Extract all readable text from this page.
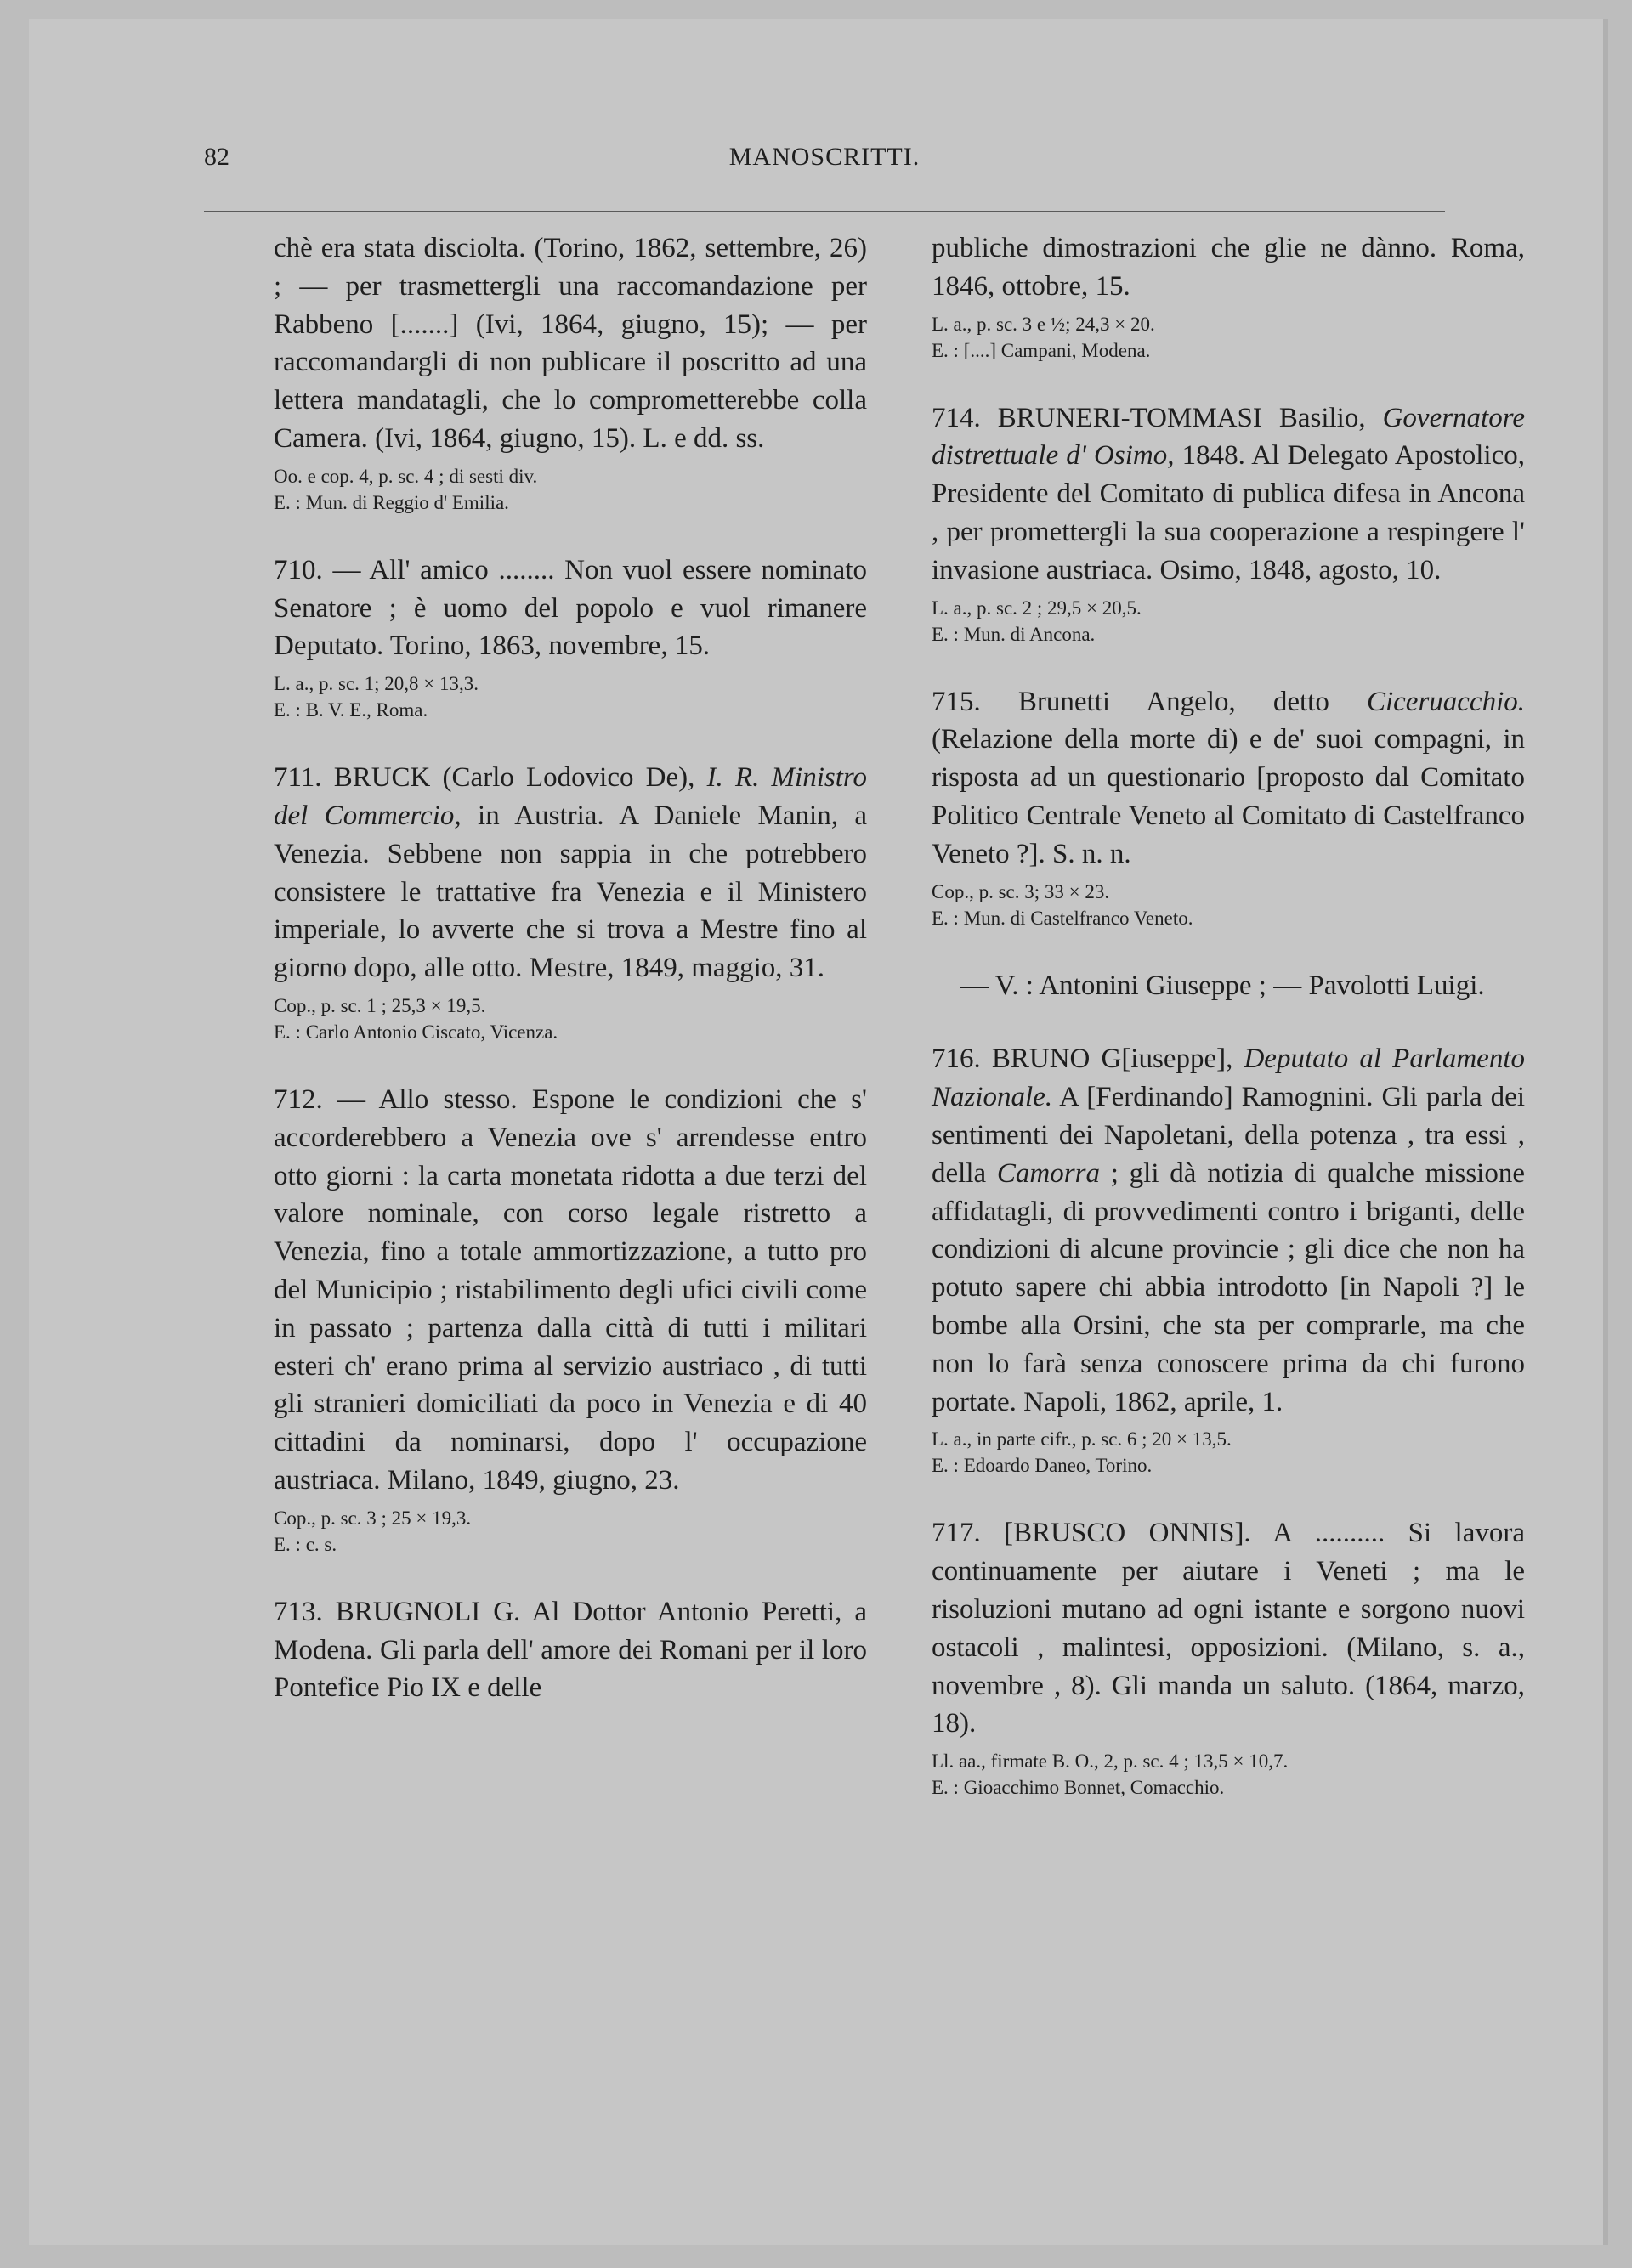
82	MANOSCRITTI.

chè era stata disciolta. (Torino, 1862, settembre, 26) ; — per trasmettergli una raccomandazione per Rabbeno [.......] (Ivi, 1864, giugno, 15); — per raccomandargli di non publicare il poscritto ad una lettera mandatagli, che lo comprometterebbe colla Camera. (Ivi, 1864, giugno, 15). L. e dd. ss.

Oo. e cop. 4, p. sc. 4 ; di sesti div.
E. : Mun. di Reggio d' Emilia.

710. — All' amico ........ Non vuol essere nominato Senatore ; è uomo del popolo e vuol rimanere Deputato. Torino, 1863, novembre, 15.

L. a., p. sc. 1; 20,8 × 13,3.
E. : B. V. E., Roma.

711. BRUCK (Carlo Lodovico De), I. R. Ministro del Commercio, in Austria. A Daniele Manin, a Venezia. Sebbene non sappia in che potrebbero consistere le trattative fra Venezia e il Ministero imperiale, lo avverte che si trova a Mestre fino al giorno dopo, alle otto. Mestre, 1849, maggio, 31.

Cop., p. sc. 1 ; 25,3 × 19,5.
E. : Carlo Antonio Ciscato, Vicenza.

712. — Allo stesso. Espone le condizioni che s' accorderebbero a Venezia ove s' arrendesse entro otto giorni : la carta monetata ridotta a due terzi del valore nominale, con corso legale ristretto a Venezia, fino a totale ammortizzazione, a tutto pro del Municipio ; ristabilimento degli ufici civili come in passato ; partenza dalla città di tutti i militari esteri ch' erano prima al servizio austriaco , di tutti gli stranieri domiciliati da poco in Venezia e di 40 cittadini da nominarsi, dopo l' occupazione austriaca. Milano, 1849, giugno, 23.

Cop., p. sc. 3 ; 25 × 19,3.
E. : c. s.

713. BRUGNOLI G. Al Dottor Antonio Peretti, a Modena. Gli parla dell' amore dei Romani per il loro Pontefice Pio IX e delle

publiche dimostrazioni che glie ne dànno. Roma, 1846, ottobre, 15.

L. a., p. sc. 3 e ½; 24,3 × 20.
E. : [....] Campani, Modena.

714. BRUNERI-TOMMASI Basilio, Governatore distrettuale d' Osimo, 1848. Al Delegato Apostolico, Presidente del Comitato di publica difesa in Ancona , per promettergli la sua cooperazione a respingere l' invasione austriaca. Osimo, 1848, agosto, 10.

L. a., p. sc. 2 ; 29,5 × 20,5.
E. : Mun. di Ancona.

715. Brunetti Angelo, detto Ciceruacchio. (Relazione della morte di) e de' suoi compagni, in risposta ad un questionario [proposto dal Comitato Politico Centrale Veneto al Comitato di Castelfranco Veneto ?]. S. n. n.

Cop., p. sc. 3; 33 × 23.
E. : Mun. di Castelfranco Veneto.

— V. : Antonini Giuseppe ; — Pavolotti Luigi.

716. BRUNO G[iuseppe], Deputato al Parlamento Nazionale. A [Ferdinando] Ramognini. Gli parla dei sentimenti dei Napoletani, della potenza , tra essi , della Camorra ; gli dà notizia di qualche missione affidatagli, di provvedimenti contro i briganti, delle condizioni di alcune provincie ; gli dice che non ha potuto sapere chi abbia introdotto [in Napoli ?] le bombe alla Orsini, che sta per comprarle, ma che non lo farà senza conoscere prima da chi furono portate. Napoli, 1862, aprile, 1.

L. a., in parte cifr., p. sc. 6 ; 20 × 13,5.
E. : Edoardo Daneo, Torino.

717. [BRUSCO ONNIS]. A .......... Si lavora continuamente per aiutare i Veneti ; ma le risoluzioni mutano ad ogni istante e sorgono nuovi ostacoli , malintesi, opposizioni. (Milano, s. a., novembre , 8). Gli manda un saluto. (1864, marzo, 18).

Ll. aa., firmate B. O., 2, p. sc. 4 ; 13,5 × 10,7.
E. : Gioacchimo Bonnet, Comacchio.
